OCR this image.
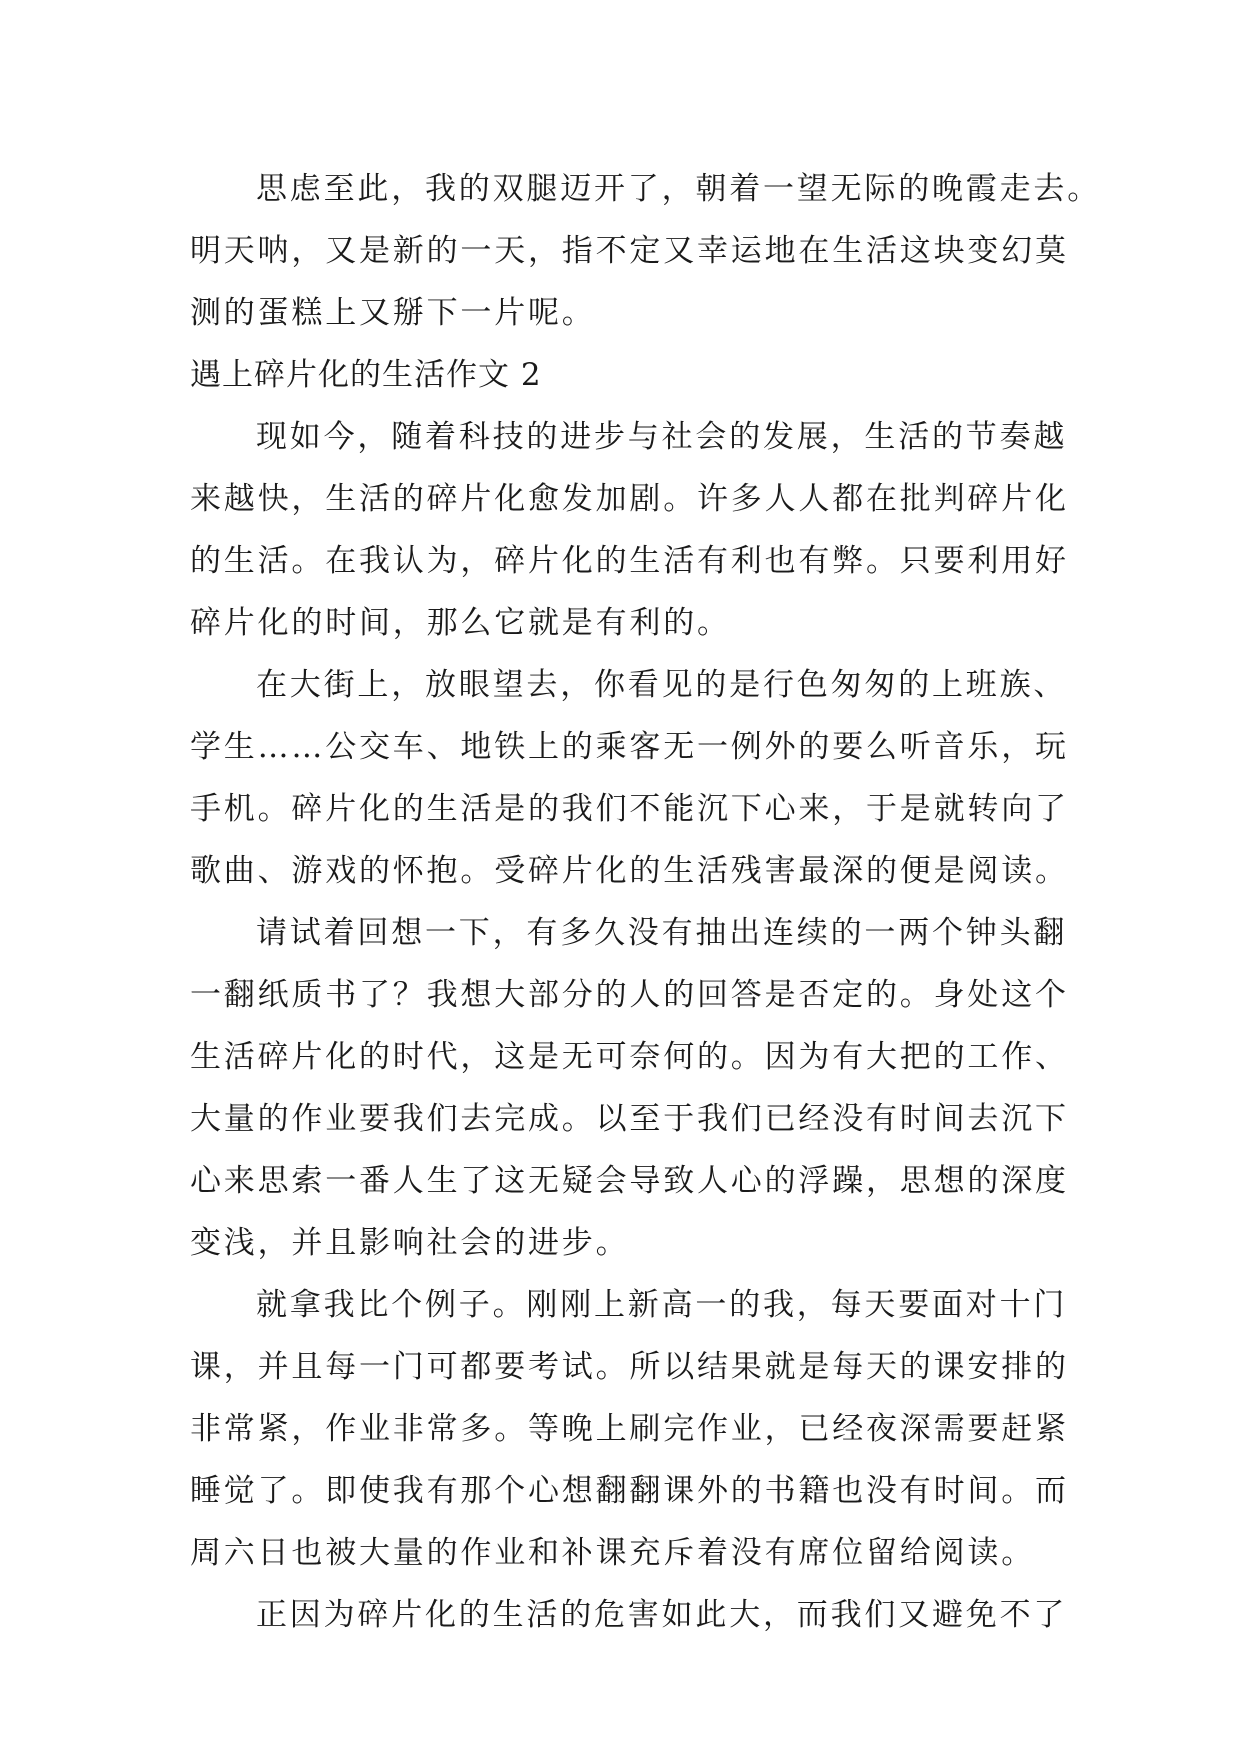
思虑至此，我的双腿迈开了，朝着一望无际的晚霞走去。
明天呐，又是新的一天，指不定又幸运地在生活这块变幻莫
测的蛋糕上又掰下一片呢。
遇上碎片化的生活作文 2
现如今，随着科技的进步与社会的发展，生活的节奏越
来越快，生活的碎片化愈发加剧。许多人人都在批判碎片化
的生活。在我认为，碎片化的生活有利也有弊。只要利用好
碎片化的时间，那么它就是有利的。
在大街上，放眼望去，你看见的是行色匆匆的上班族、
学生……公交车、地铁上的乘客无一例外的要么听音乐，玩
手机。碎片化的生活是的我们不能沉下心来，于是就转向了
歌曲、游戏的怀抱。受碎片化的生活残害最深的便是阅读。
请试着回想一下，有多久没有抽出连续的一两个钟头翻
一翻纸质书了？我想大部分的人的回答是否定的。身处这个
生活碎片化的时代，这是无可奈何的。因为有大把的工作、
大量的作业要我们去完成。以至于我们已经没有时间去沉下
心来思索一番人生了这无疑会导致人心的浮躁，思想的深度
变浅，并且影响社会的进步。
就拿我比个例子。刚刚上新高一的我，每天要面对十门
课，并且每一门可都要考试。所以结果就是每天的课安排的
非常紧，作业非常多。等晚上刷完作业，已经夜深需要赶紧
睡觉了。即使我有那个心想翻翻课外的书籍也没有时间。而
周六日也被大量的作业和补课充斥着没有席位留给阅读。
正因为碎片化的生活的危害如此大，而我们又避免不了
